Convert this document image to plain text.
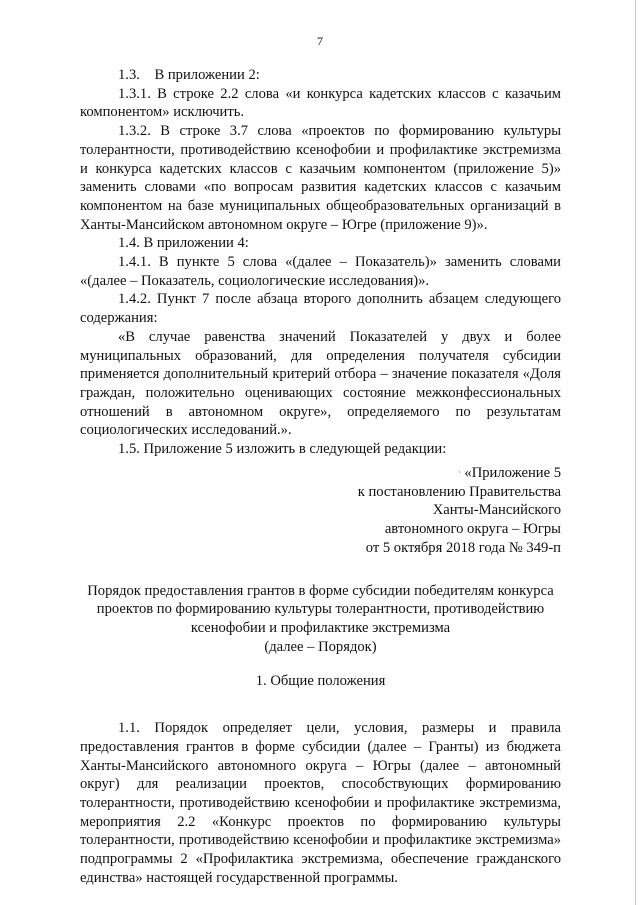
7

1.3. В приложении 2:

1.3.1. В строке 2.2 слова «и конкурса кадетских классов с казачьим компонентом» исключить.

1.3.2. В строке 3.7 слова «проектов по формированию культуры толерантности, противодействию ксенофобии и профилактике экстремизма и конкурса кадетских классов с казачьим компонентом (приложение 5)» заменить словами «по вопросам развития кадетских классов с казачьим компонентом на базе муниципальных общеобразовательных организаций в Ханты-Мансийском автономном округе – Югре (приложение 9)».

1.4. В приложении 4:

1.4.1. В пункте 5 слова «(далее – Показатель)» заменить словами «(далее – Показатель, социологические исследования)».

1.4.2. Пункт 7 после абзаца второго дополнить абзацем следующего содержания:

«В случае равенства значений Показателей у двух и более муниципальных образований, для определения получателя субсидии применяется дополнительный критерий отбора – значение показателя «Доля граждан, положительно оценивающих состояние межконфессиональных отношений в автономном округе», определяемого по результатам социологических исследований.».

1.5. Приложение 5 изложить в следующей редакции:

· «Приложение 5
к постановлению Правительства
Ханты-Мансийского
автономного округа – Югры
от 5 октября 2018 года № 349-п
Порядок предоставления грантов в форме субсидии победителям конкурса
проектов по формированию культуры толерантности, противодействию
ксенофобии и профилактике экстремизма
(далее – Порядок)
1. Общие положения

1.1. Порядок определяет цели, условия, размеры и правила предоставления грантов в форме субсидии (далее – Гранты) из бюджета Ханты-Мансийского автономного округа – Югры (далее – автономный округ) для реализации проектов, способствующих формированию толерантности, противодействию ксенофобии и профилактике экстремизма, мероприятия 2.2 «Конкурс проектов по формированию культуры толерантности, противодействию ксенофобии и профилактике экстремизма» подпрограммы 2 «Профилактика экстремизма, обеспечение гражданского единства» настоящей государственной программы.
